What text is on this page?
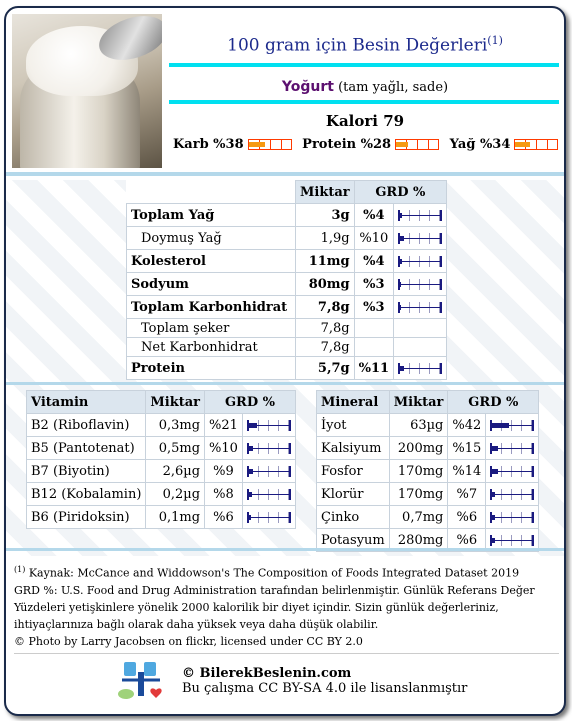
100 gram için Besin Değerleri$^{(1)}$
Yoğurt (tam yağlı, sade)
Kalori 79
Karb %38	Protein %28	Yağ %34
	Miktar	GRD %	
Toplam Yağ	3g	%4	

Doymuş Yağ	1,9g	%10	

Kolesterol	11mg	%4	

Sodyum	80mg	%3	

Toplam Karbonhidrat	7,8g	%3	

Toplam şeker	7,8g		
Net Karbonhidrat	7,8g		
Protein	5,7g	%11	
Vitamin	Miktar	GRD %	
B2 (Riboflavin)	0,3mg	%21	

B5 (Pantotenat)	0,5mg	%10	

B7 (Biyotin)	2,6µg	%9	

B12 (Kobalamin)	0,2µg	%8	

B6 (Piridoksin)	0,1mg	%6	
Mineral	Miktar	GRD %	
İyot	63µg	%42	

Kalsiyum	200mg	%15	

Fosfor	170mg	%14	

Klorür	170mg	%7	

Çinko	0,7mg	%6	

Potasyum	280mg	%6	
$^{(1)}$ Kaynak: McCance and Widdowson's The Composition of Foods Integrated Dataset 2019
GRD %: U.S. Food and Drug Administration tarafından belirlenmiştir. Günlük Referans Değer Yüzdeleri yetişkinlere yönelik 2000 kalorilik bir diyet içindir. Sizin günlük değerleriniz, ihtiyaçlarınıza bağlı olarak daha yüksek veya daha düşük olabilir.
© Photo by Larry Jacobsen on flickr, licensed under CC BY 2.0
© BilerekBeslenin.com
Bu çalışma CC BY-SA 4.0 ile lisanslanmıştır
